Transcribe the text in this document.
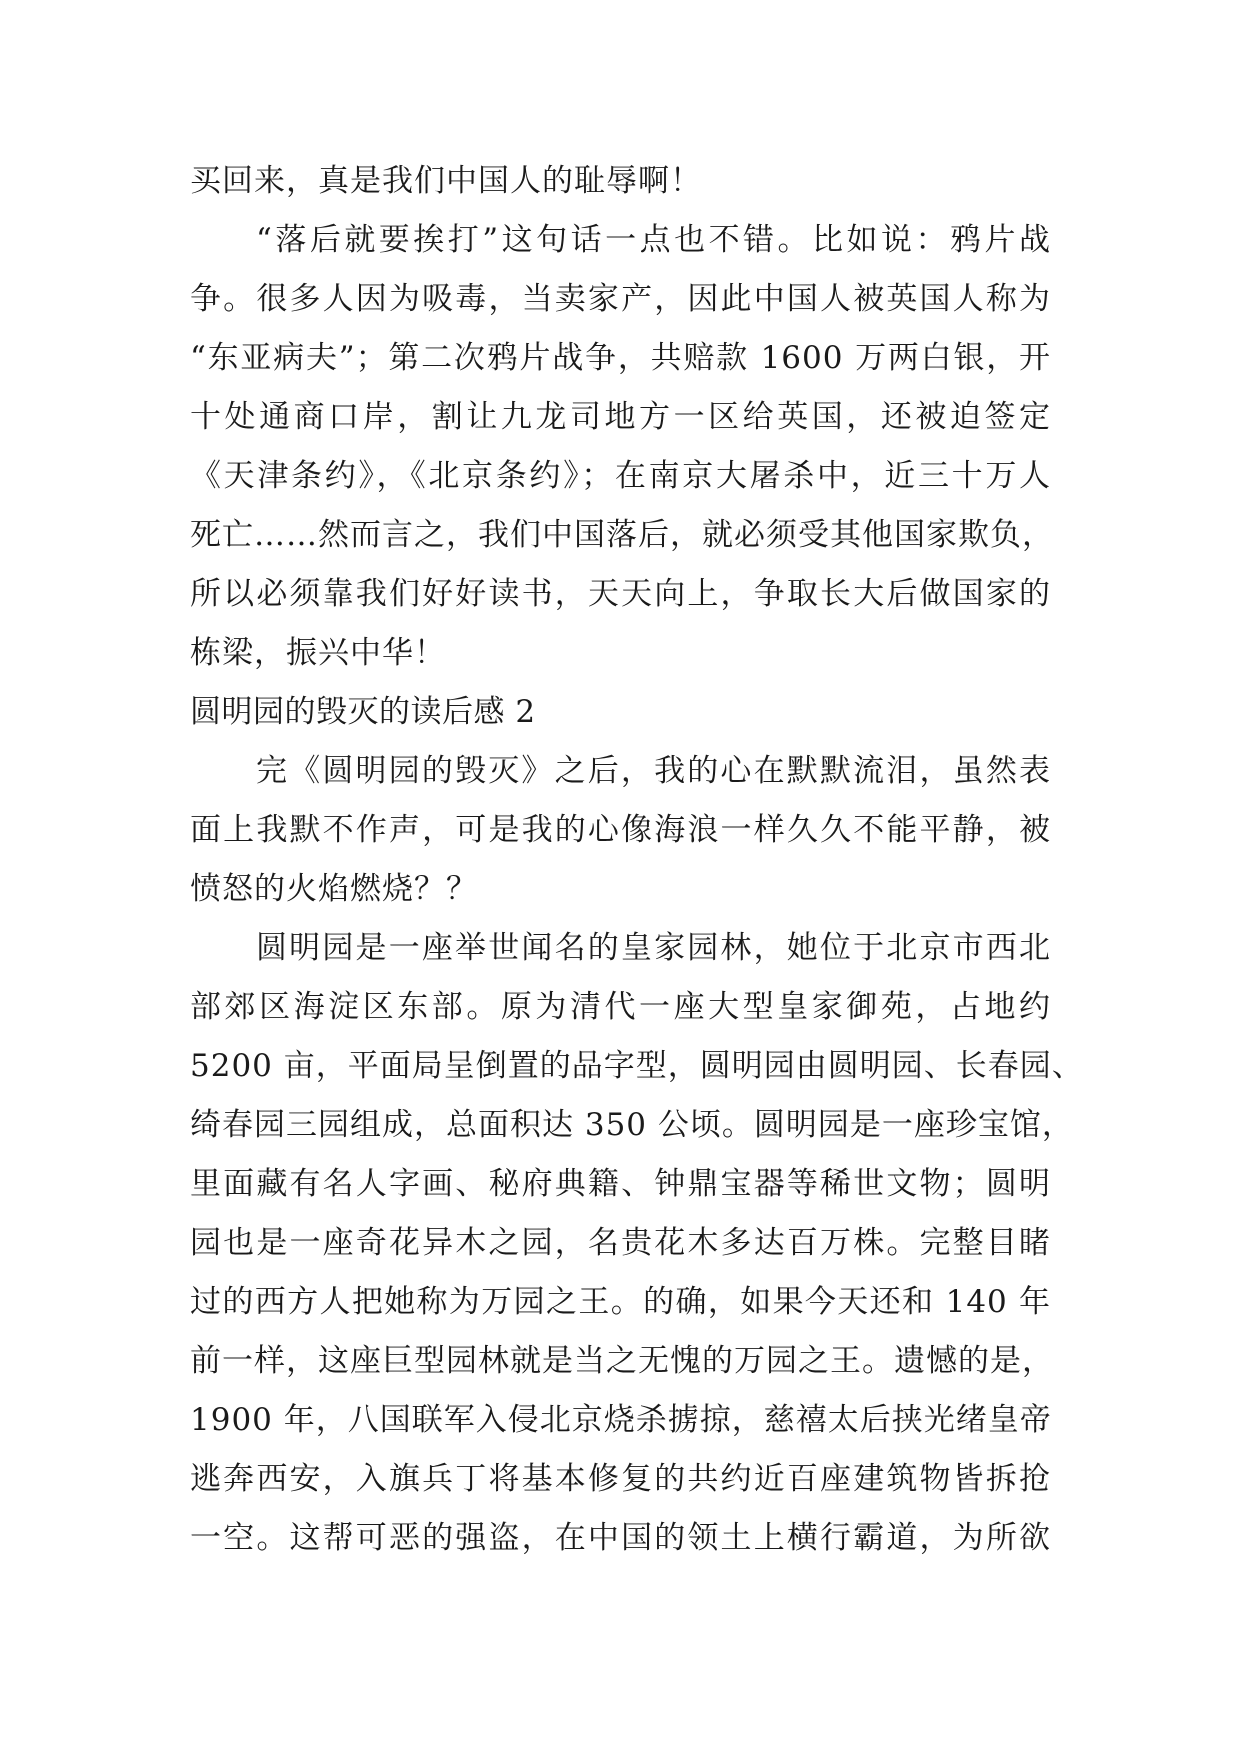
买回来，真是我们中国人的耻辱啊！
“落后就要挨打”这句话一点也不错。比如说：鸦片战
争。很多人因为吸毒，当卖家产，因此中国人被英国人称为
“东亚病夫”；第二次鸦片战争，共赔款 1600 万两白银，开
十处通商口岸，割让九龙司地方一区给英国，还被迫签定
《天津条约》，《北京条约》；在南京大屠杀中，近三十万人
死亡……然而言之，我们中国落后，就必须受其他国家欺负，
所以必须靠我们好好读书，天天向上，争取长大后做国家的
栋梁，振兴中华！
圆明园的毁灭的读后感 2
完《圆明园的毁灭》之后，我的心在默默流泪，虽然表
面上我默不作声，可是我的心像海浪一样久久不能平静，被
愤怒的火焰燃烧？？
圆明园是一座举世闻名的皇家园林，她位于北京市西北
部郊区海淀区东部。原为清代一座大型皇家御苑，占地约
5200 亩，平面局呈倒置的品字型，圆明园由圆明园、长春园、
绮春园三园组成，总面积达 350 公顷。圆明园是一座珍宝馆，
里面藏有名人字画、秘府典籍、钟鼎宝器等稀世文物；圆明
园也是一座奇花异木之园，名贵花木多达百万株。完整目睹
过的西方人把她称为万园之王。的确，如果今天还和 140 年
前一样，这座巨型园林就是当之无愧的万园之王。遗憾的是，
1900 年，八国联军入侵北京烧杀掳掠，慈禧太后挟光绪皇帝
逃奔西安，入旗兵丁将基本修复的共约近百座建筑物皆拆抢
一空。这帮可恶的强盗，在中国的领土上横行霸道，为所欲
